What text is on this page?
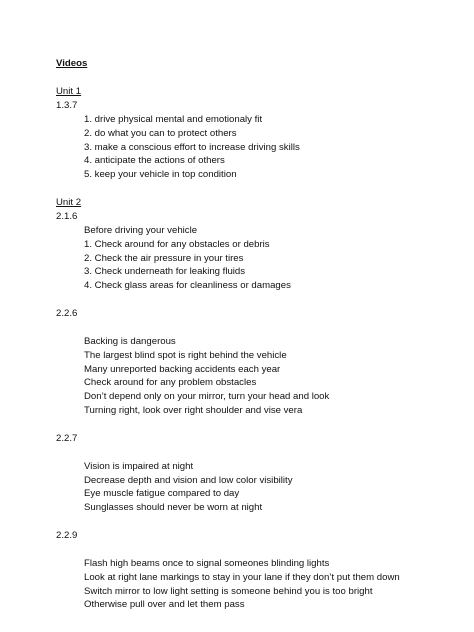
Videos

Unit 1

1.3.7

1. drive physical mental and emotionaly fit
2. do what you can to protect others
3. make a conscious effort to increase driving skills
4. anticipate the actions of others
5. keep your vehicle in top condition

Unit 2

2.1.6

Before driving your vehicle
1. Check around for any obstacles or debris
2. Check the air pressure in your tires
3. Check underneath for leaking fluids
4. Check glass areas for cleanliness or damages

2.2.6

Backing is dangerous
The largest blind spot is right behind the vehicle
Many unreported backing accidents each year
Check around for any problem obstacles
Don’t depend only on your mirror, turn your head and look
Turning right, look over right shoulder and vise vera

2.2.7

Vision is impaired at night
Decrease depth and vision and low color visibility
Eye muscle fatigue compared to day
Sunglasses should never be worn at night

2.2.9

Flash high beams once to signal someones blinding lights
Look at right lane markings to stay in your lane if they don’t put them down
Switch mirror to low light setting is someone behind you is too bright
Otherwise pull over and let them pass
